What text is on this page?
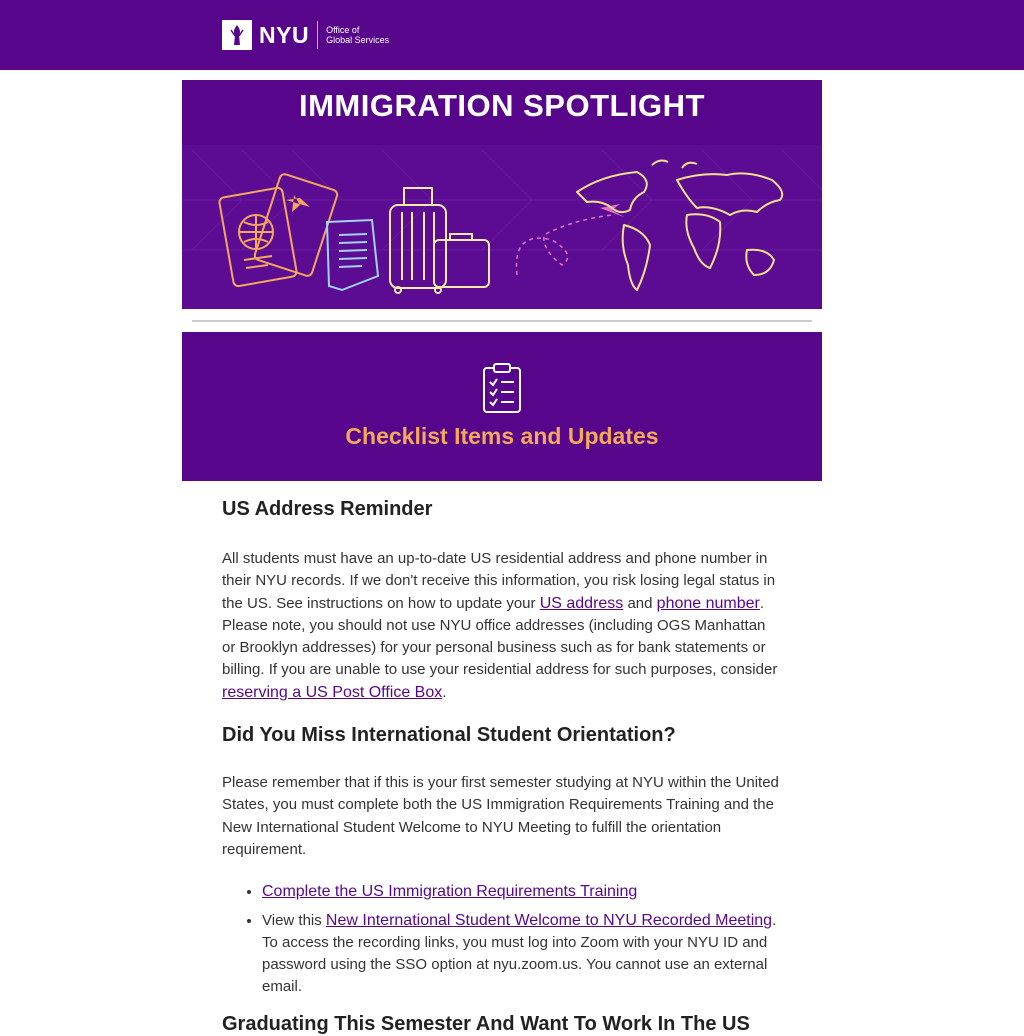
NYU Office of
Global Services
IMMIGRATION SPOTLIGHT
Checklist Items and Updates
US Address Reminder

All students must have an up-to-date US residential address and phone number in their NYU records. If we don't receive this information, you risk losing legal status in the US. See instructions on how to update your US address and phone number. Please note, you should not use NYU office addresses (including OGS Manhattan or Brooklyn addresses) for your personal business such as for bank statements or billing. If you are unable to use your residential address for such purposes, consider reserving a US Post Office Box.

Did You Miss International Student Orientation?

Please remember that if this is your first semester studying at NYU within the United States, you must complete both the US Immigration Requirements Training and the New International Student Welcome to NYU Meeting to fulfill the orientation requirement.

• Complete the US Immigration Requirements Training
• View this New International Student Welcome to NYU Recorded Meeting. To access the recording links, you must log into Zoom with your NYU ID and password using the SSO option at nyu.zoom.us. You cannot use an external email.
Graduating This Semester And Want To Work In The US
